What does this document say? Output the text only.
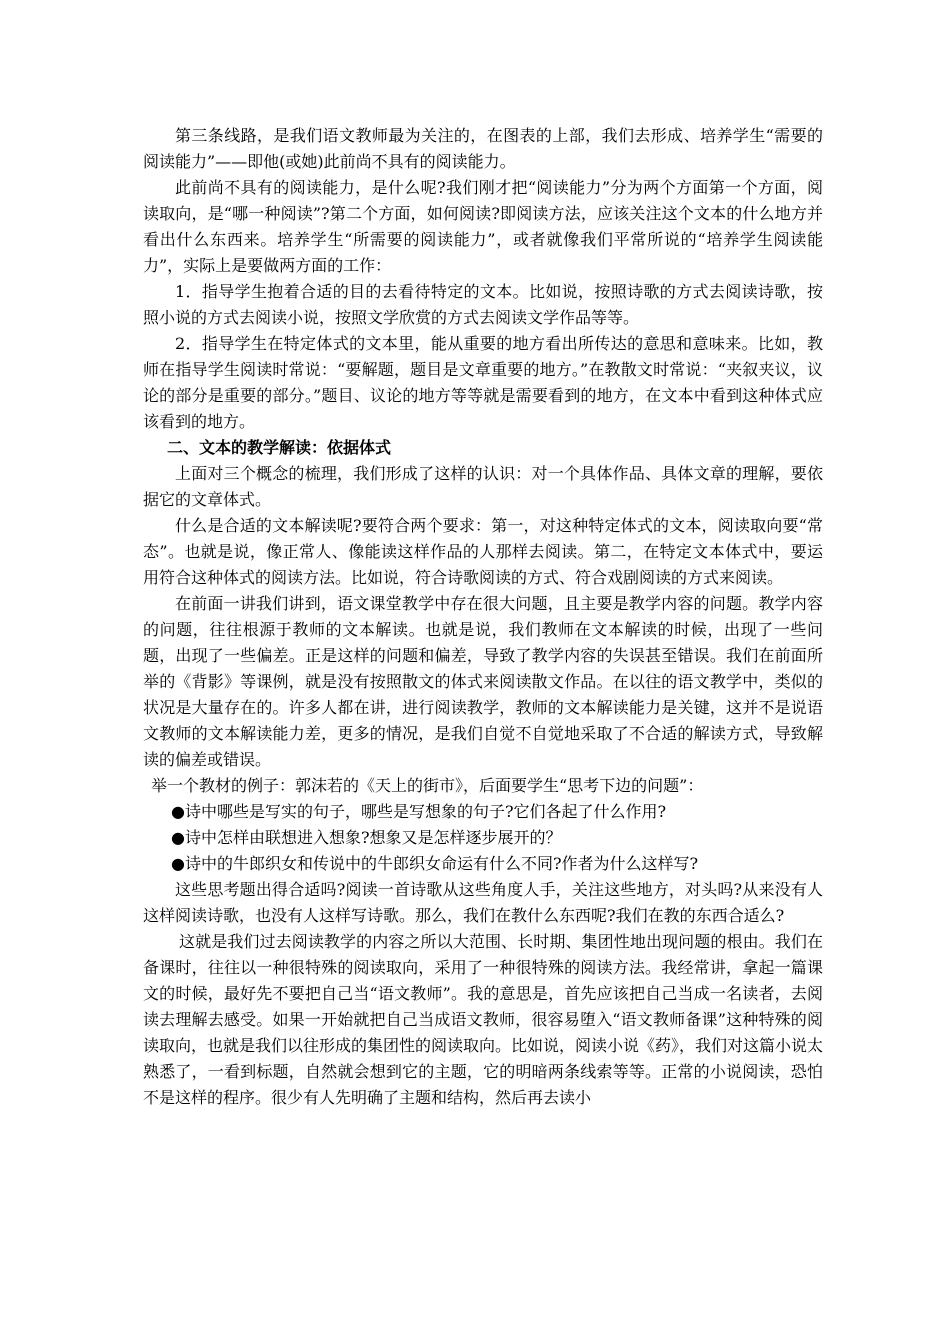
第三条线路，是我们语文教师最为关注的，在图表的上部，我们去形成、培养学生“需要的阅读能力”——即他(或她)此前尚不具有的阅读能力。

此前尚不具有的阅读能力，是什么呢?我们刚才把“阅读能力”分为两个方面第一个方面，阅读取向，是“哪一种阅读”?第二个方面，如何阅读?即阅读方法，应该关注这个文本的什么地方并看出什么东西来。培养学生“所需要的阅读能力”，或者就像我们平常所说的“培养学生阅读能力”，实际上是要做两方面的工作：

1．指导学生抱着合适的目的去看待特定的文本。比如说，按照诗歌的方式去阅读诗歌，按照小说的方式去阅读小说，按照文学欣赏的方式去阅读文学作品等等。

2．指导学生在特定体式的文本里，能从重要的地方看出所传达的意思和意味来。比如，教师在指导学生阅读时常说：“要解题，题目是文章重要的地方。”在教散文时常说：“夹叙夹议，议论的部分是重要的部分。”题目、议论的地方等等就是需要看到的地方，在文本中看到这种体式应该看到的地方。

二、文本的教学解读：依据体式

上面对三个概念的梳理，我们形成了这样的认识：对一个具体作品、具体文章的理解，要依据它的文章体式。

什么是合适的文本解读呢?要符合两个要求：第一，对这种特定体式的文本，阅读取向要“常态”。也就是说，像正常人、像能读这样作品的人那样去阅读。第二，在特定文本体式中，要运用符合这种体式的阅读方法。比如说，符合诗歌阅读的方式、符合戏剧阅读的方式来阅读。

在前面一讲我们讲到，语文课堂教学中存在很大问题，且主要是教学内容的问题。教学内容的问题，往往根源于教师的文本解读。也就是说，我们教师在文本解读的时候，出现了一些问题，出现了一些偏差。正是这样的问题和偏差，导致了教学内容的失误甚至错误。我们在前面所举的《背影》等课例，就是没有按照散文的体式来阅读散文作品。在以往的语文教学中，类似的状况是大量存在的。许多人都在讲，进行阅读教学，教师的文本解读能力是关键，这并不是说语文教师的文本解读能力差，更多的情况，是我们自觉不自觉地采取了不合适的解读方式，导致解读的偏差或错误。

举一个教材的例子：郭沫若的《天上的街市》，后面要学生“思考下边的问题”：

●诗中哪些是写实的句子，哪些是写想象的句子?它们各起了什么作用?

●诗中怎样由联想进入想象?想象又是怎样逐步展开的？

●诗中的牛郎织女和传说中的牛郎织女命运有什么不同?作者为什么这样写?

这些思考题出得合适吗?阅读一首诗歌从这些角度人手，关注这些地方，对头吗?从来没有人这样阅读诗歌，也没有人这样写诗歌。那么，我们在教什么东西呢?我们在教的东西合适么?

这就是我们过去阅读教学的内容之所以大范围、长时期、集团性地出现问题的根由。我们在备课时，往往以一种很特殊的阅读取向，采用了一种很特殊的阅读方法。我经常讲，拿起一篇课文的时候，最好先不要把自己当“语文教师”。我的意思是，首先应该把自己当成一名读者，去阅读去理解去感受。如果一开始就把自己当成语文教师，很容易堕入“语文教师备课”这种特殊的阅读取向，也就是我们以往形成的集团性的阅读取向。比如说，阅读小说《药》，我们对这篇小说太熟悉了，一看到标题，自然就会想到它的主题，它的明暗两条线索等等。正常的小说阅读，恐怕不是这样的程序。很少有人先明确了主题和结构，然后再去读小
